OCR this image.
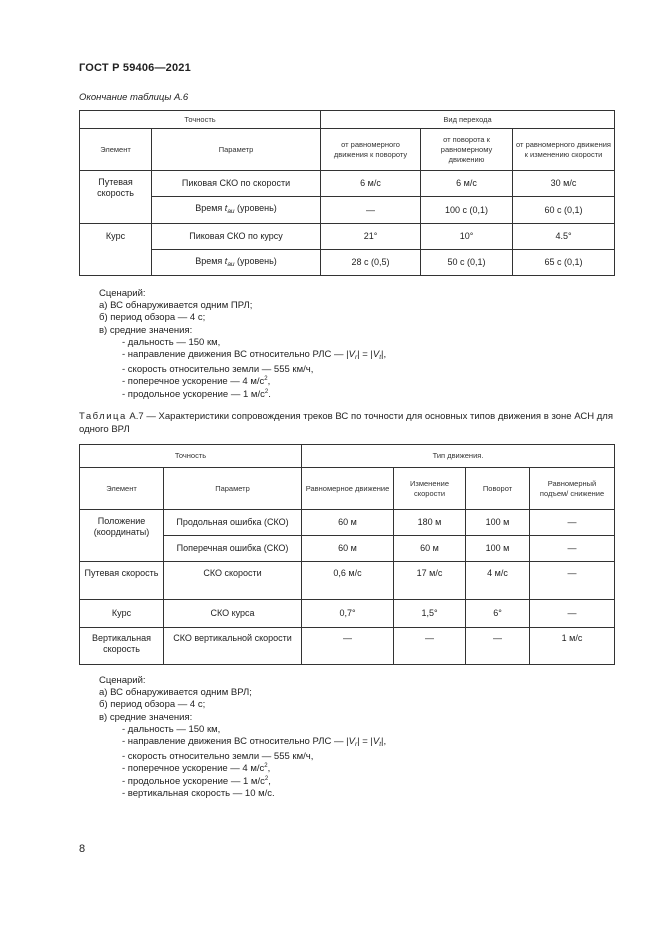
ГОСТ Р 59406—2021
Окончание таблицы А.6
Точность		Вид перехода		
Элемент	Параметр	от равномерного движения к повороту	от поворота к равномерному движению	от равномерного движения к изменению скорости
Путевая скорость	Пиковая СКО по скорости	6 м/с	6 м/с	30 м/с
	Время $t_{au}$ (уровень)	—	100 с (0,1)	60 с (0,1)
Курс	Пиковая СКО по курсу	21°	10°	4.5°
	Время $t_{au}$ (уровень)	28 с (0,5)	50 с (0,1)	65 с (0,1)
Сценарий:
а) ВС обнаруживается одним ПРЛ;
б) период обзора — 4 с;
в) средние значения:
- дальность — 150 км,
- направление движения ВС относительно РЛС — $|V_r| = |V_t|$,
- скорость относительно земли — 555 км/ч,
- поперечное ускорение — 4 $м/с^2$,
- продольное ускорение — 1 $м/с^2$.
Таблица А.7 — Характеристики сопровождения треков ВС по точности для основных типов движения в зоне АСН для одного ВРЛ
Точность		Тип движения.			
Элемент	Параметр	Равномерное движение	Изменение скорости	Поворот	Равномерный подъем/ снижение
Положение (координаты)	Продольная ошибка (СКО)	60 м	180 м	100 м	—
	Поперечная ошибка (СКО)	60 м	60 м	100 м	—
Путевая скорость	СКО скорости	0,6 м/с	17 м/с	4 м/с	—
Курс	СКО курса	0,7°	1,5°	6°	—
Вертикальная скорость	СКО вертикальной скорости	—	—	—	1 м/с
Сценарий:
а) ВС обнаруживается одним ВРЛ;
б) период обзора — 4 с;
в) средние значения:
- дальность — 150 км,
- направление движения ВС относительно РЛС — $|V_r| = |V_t|$,
- скорость относительно земли — 555 км/ч,
- поперечное ускорение — 4 $м/с^2$,
- продольное ускорение — 1 $м/с^2$,
- вертикальная скорость — 10 м/с.
8
